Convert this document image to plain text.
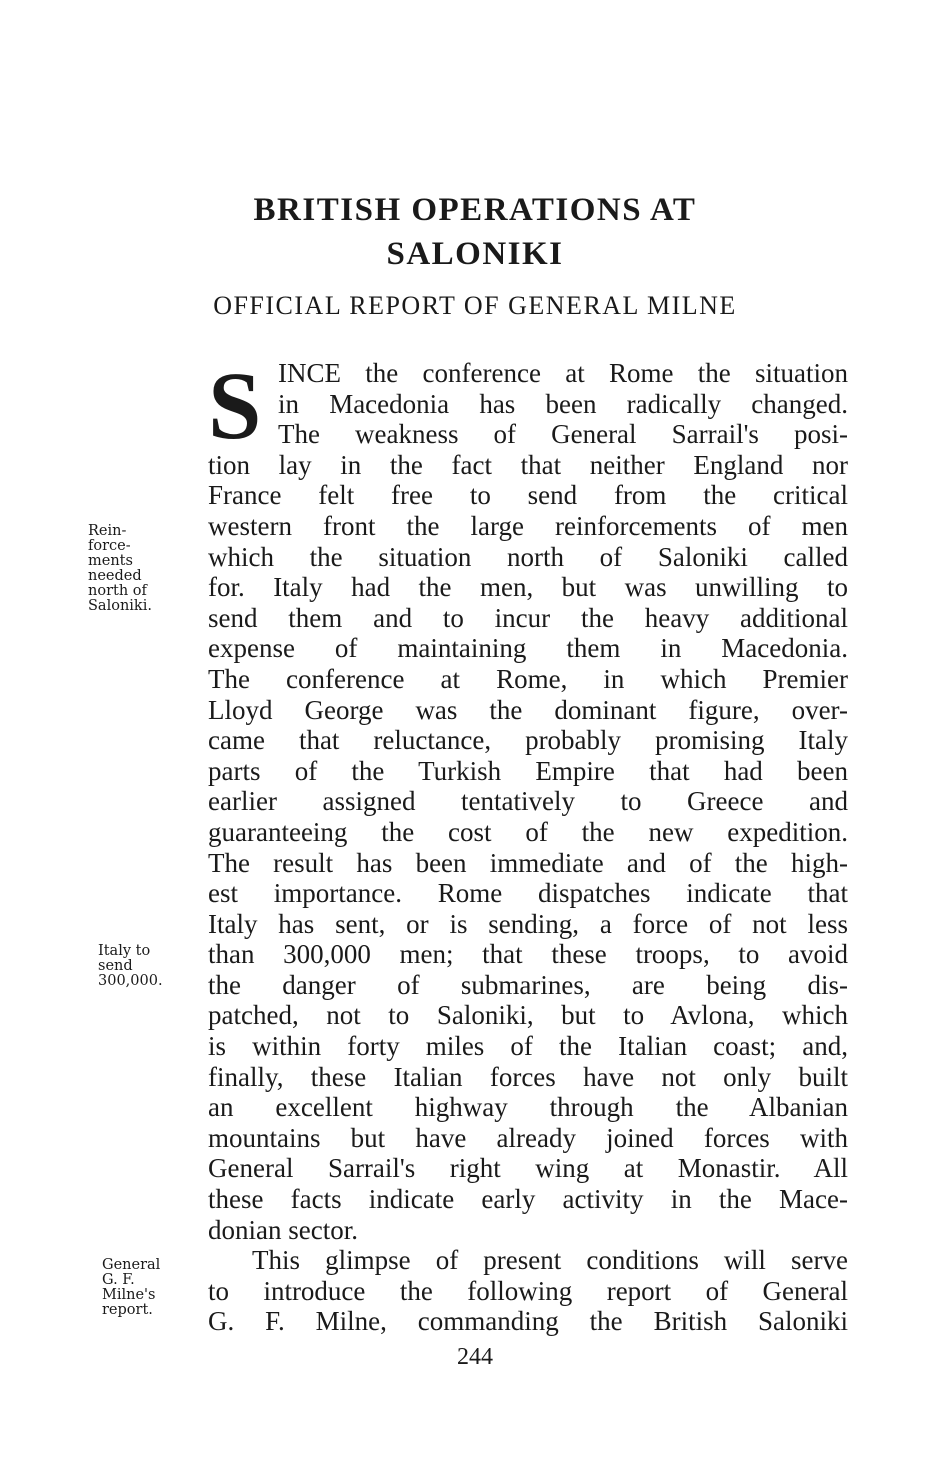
BRITISH OPERATIONS AT
SALONIKI
OFFICIAL REPORT OF GENERAL MILNE
S INCE the conference at Rome the situation
in Macedonia has been radically changed.
The weakness of General Sarrail's posi-
tion lay in the fact that neither England nor
France felt free to send from the critical
western front the large reinforcements of men
which the situation north of Saloniki called
for. Italy had the men, but was unwilling to
send them and to incur the heavy additional
expense of maintaining them in Macedonia.
The conference at Rome, in which Premier
Lloyd George was the dominant figure, over-
came that reluctance, probably promising Italy
parts of the Turkish Empire that had been
earlier assigned tentatively to Greece and
guaranteeing the cost of the new expedition.
The result has been immediate and of the high-
est importance. Rome dispatches indicate that
Italy has sent, or is sending, a force of not less
than 300,000 men; that these troops, to avoid
the danger of submarines, are being dis-
patched, not to Saloniki, but to Avlona, which
is within forty miles of the Italian coast; and,
finally, these Italian forces have not only built
an excellent highway through the Albanian
mountains but have already joined forces with
General Sarrail's right wing at Monastir. All
these facts indicate early activity in the Mace-
donian sector.
This glimpse of present conditions will serve
to introduce the following report of General
G. F. Milne, commanding the British Saloniki
Rein-
force-
ments
needed
north of
Saloniki.
Italy to
send
300,000.
General
G. F.
Milne's
report.
244
